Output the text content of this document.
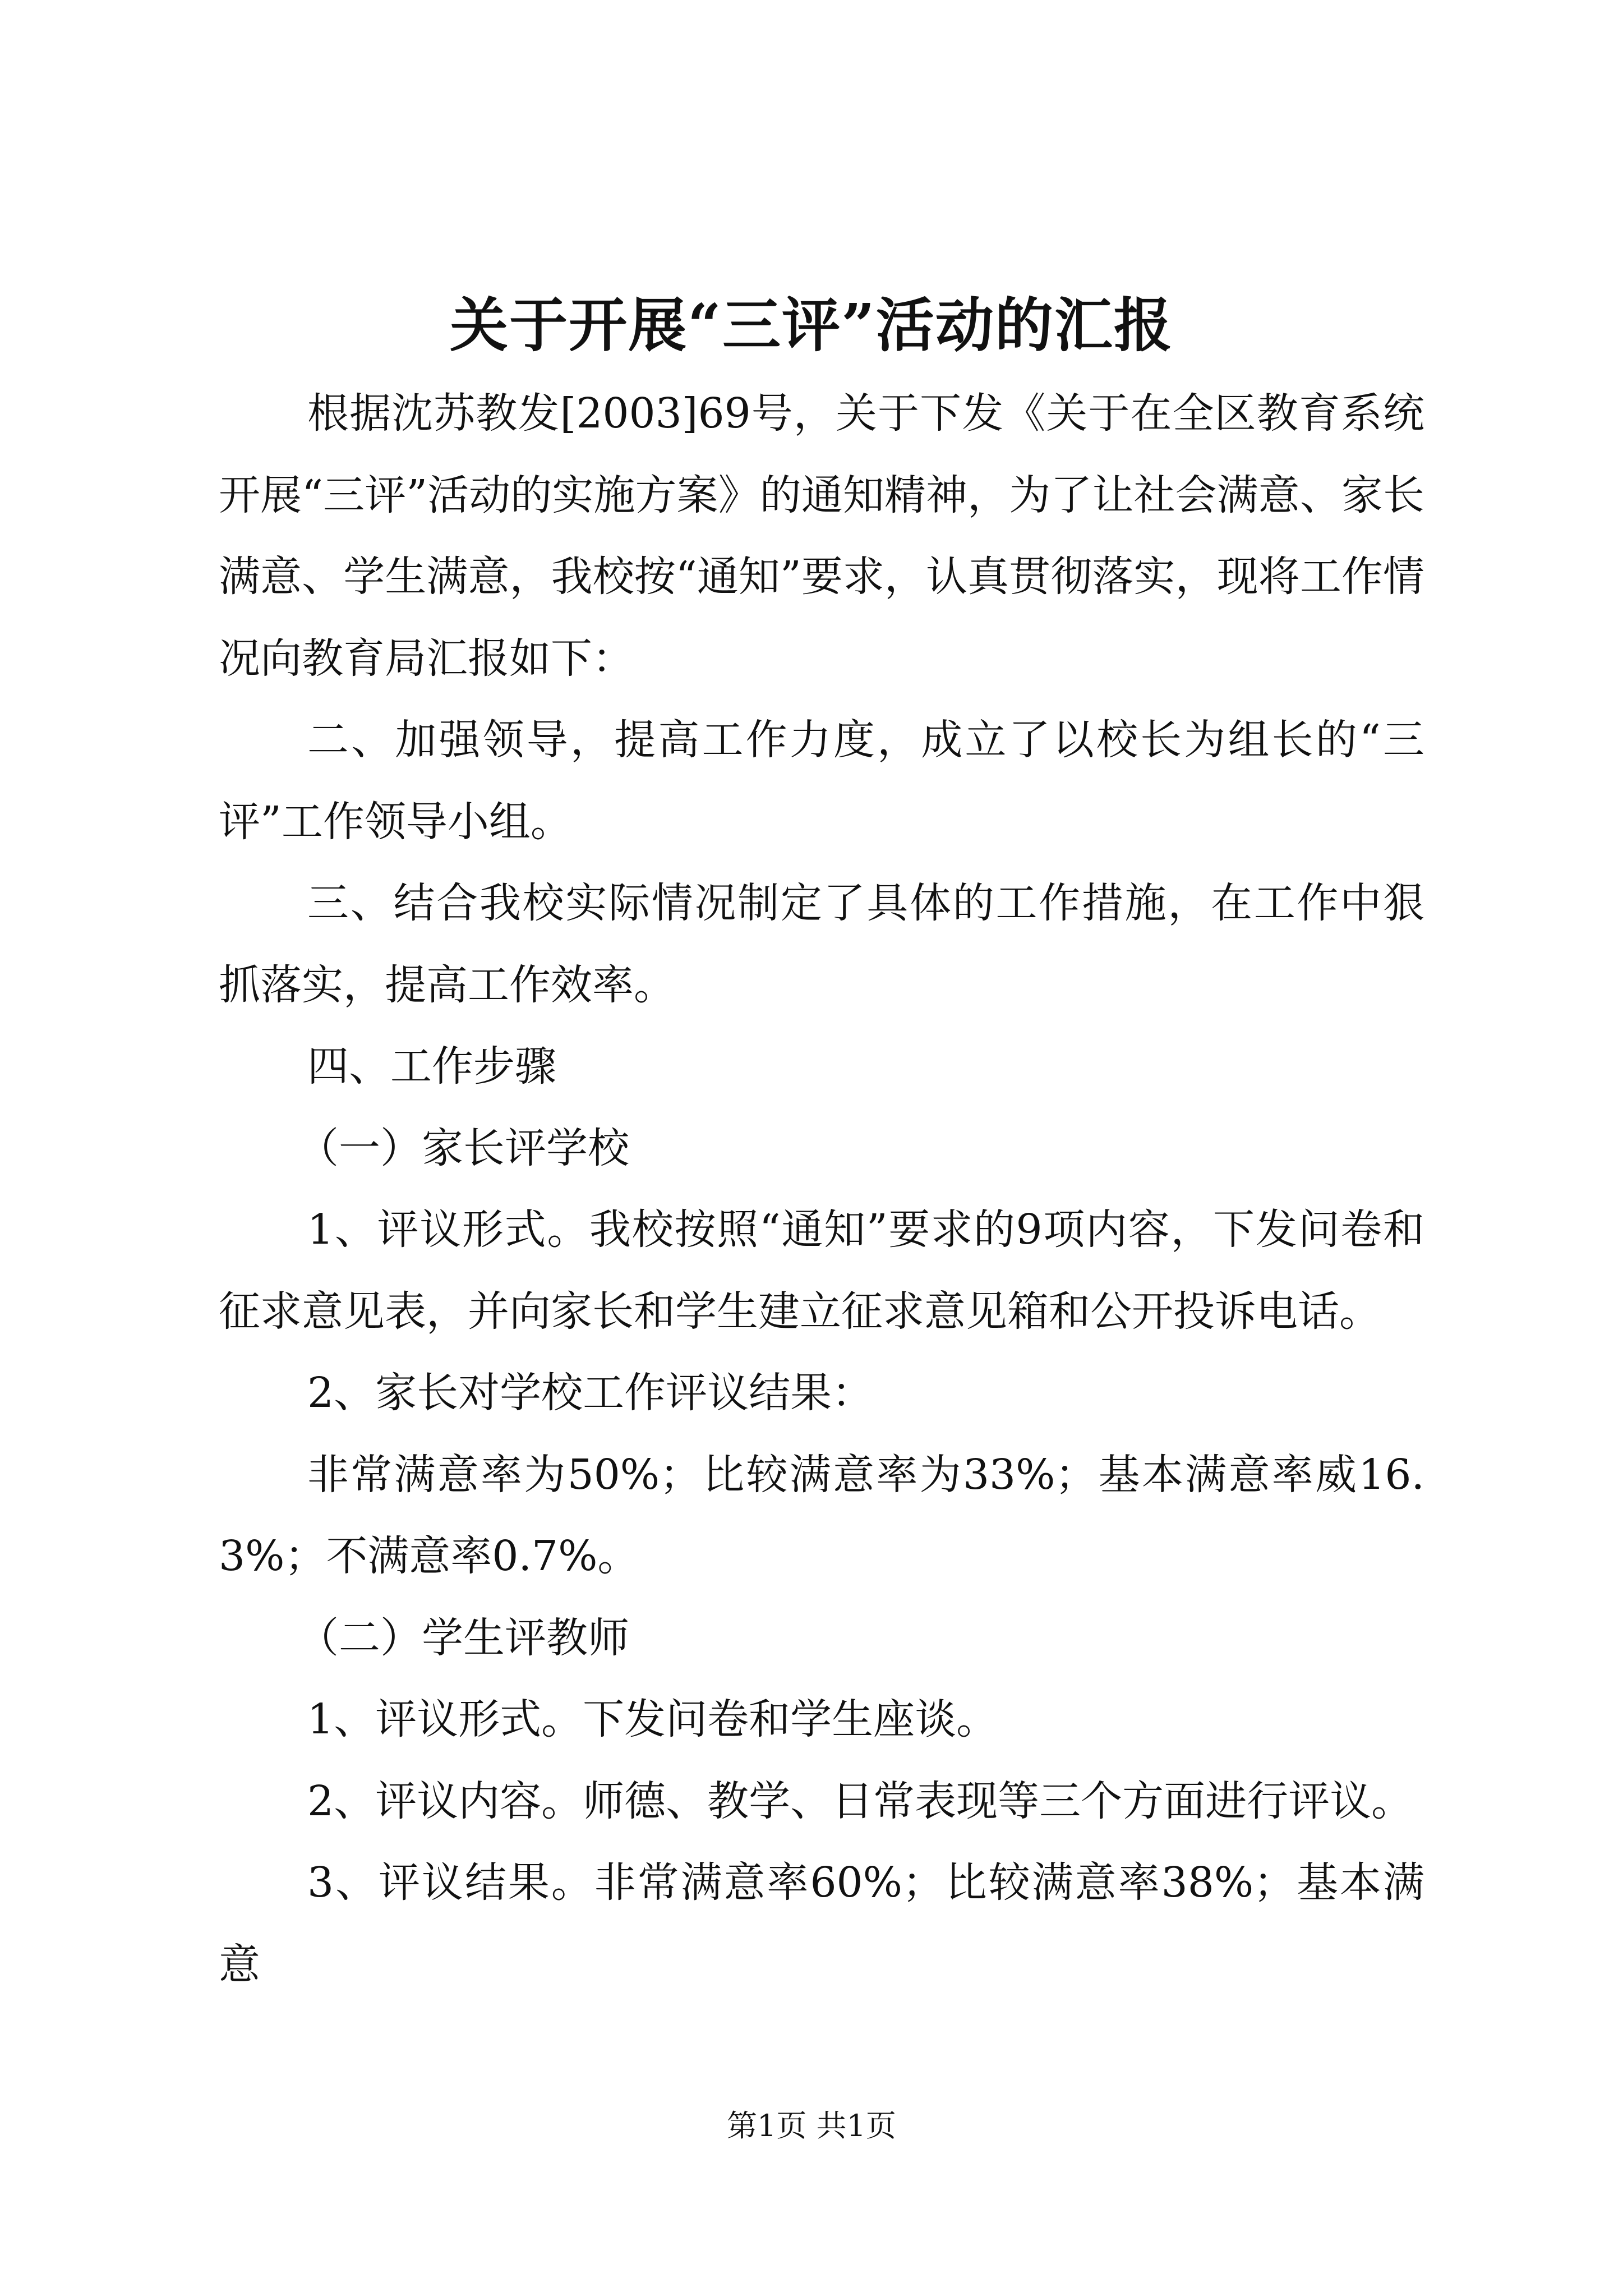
关于开展“三评”活动的汇报

根据沈苏教发[2003]69号，关于下发《关于在全区教育系统开展“三评”活动的实施方案》的通知精神，为了让社会满意、家长满意、学生满意，我校按“通知”要求，认真贯彻落实，现将工作情况向教育局汇报如下：

二、加强领导，提高工作力度，成立了以校长为组长的“三评”工作领导小组。

三、结合我校实际情况制定了具体的工作措施，在工作中狠抓落实，提高工作效率。

四、工作步骤

（一）家长评学校

1、评议形式。我校按照“通知”要求的9项内容，下发问卷和征求意见表，并向家长和学生建立征求意见箱和公开投诉电话。

2、家长对学校工作评议结果：

非常满意率为50%；比较满意率为33%；基本满意率威16.3%；不满意率0.7%。

（二）学生评教师

1、评议形式。下发问卷和学生座谈。

2、评议内容。师德、教学、日常表现等三个方面进行评议。

3、评议结果。非常满意率60%；比较满意率38%；基本满意

第1页 共1页
